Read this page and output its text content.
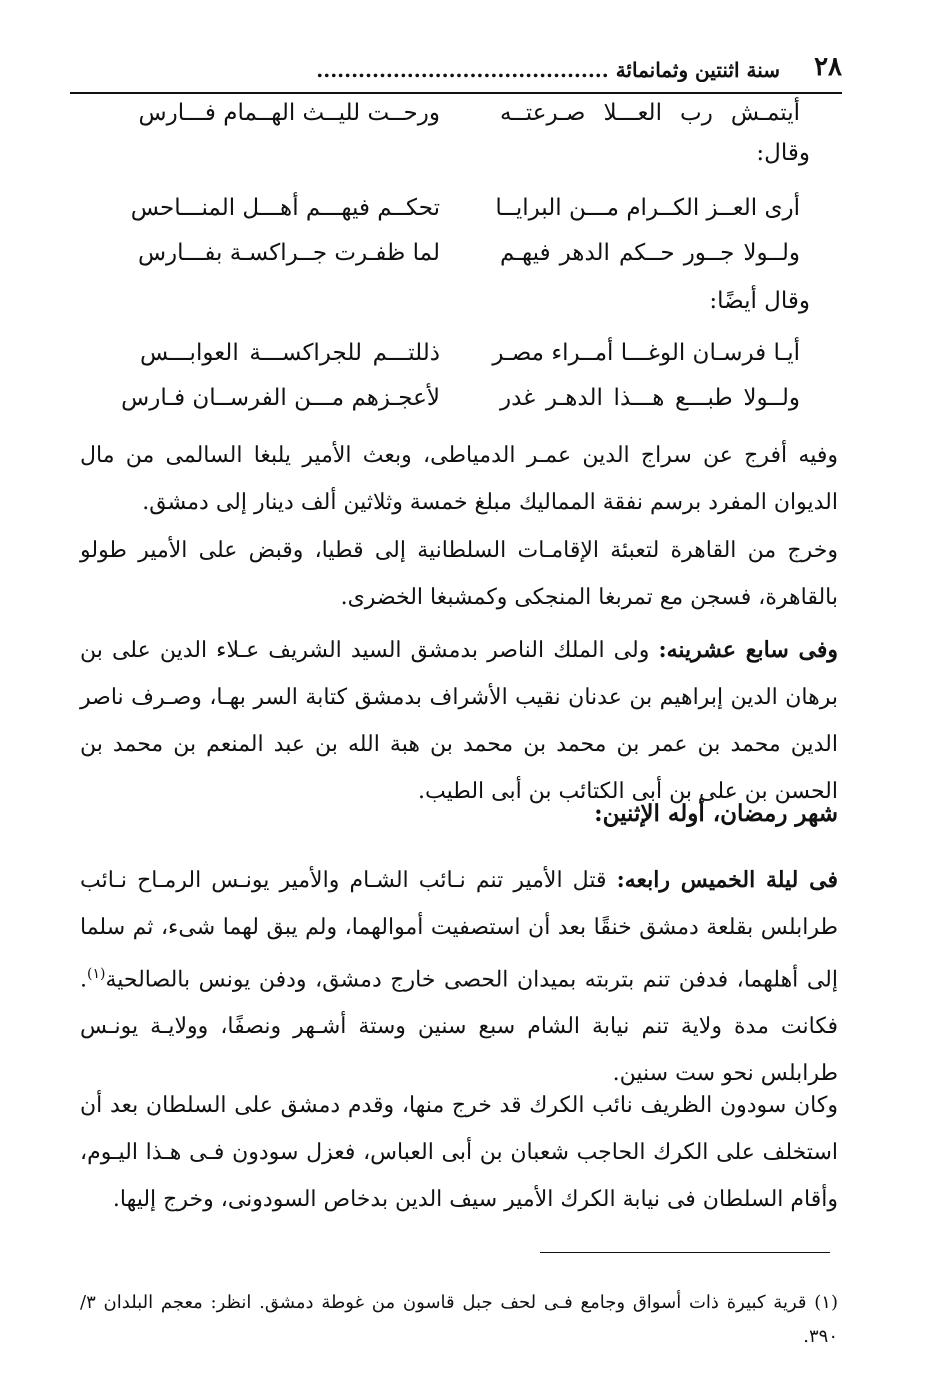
٢٨
سنة اثنتين وثمانمائة ..........................................
أيتمـش رب العـــلا صـرعتــه
ورحــت لليــث الهــمام فـــارس
وقال:
أرى العــز الكــرام مـــن البرايــا
تحكــم فيهـــم أهـــل المنـــاحس
ولــولا جــور حــكم الدهر فيهـم
لما ظفـرت جــراكسـة بفـــارس
وقال أيضًا:
أيـا فرسـان الوغـــا أمــراء مصـر
ذللتـــم للجراكســـة العوابـــس
ولــولا طبـــع هـــذا الدهـر غدر
لأعجـزهم مـــن الفرســان فـارس

وفيه أفرج عن سراج الدين عمـر الدمياطى، وبعث الأمير يلبغا السالمى من مال الديوان المفرد برسم نفقة المماليك مبلغ خمسة وثلاثين ألف دينار إلى دمشق.

وخرج من القاهرة لتعبئة الإقامـات السلطانية إلى قطيا، وقبض على الأمير طولو بالقاهرة، فسجن مع تمربغا المنجكى وكمشبغا الخضرى.

وفى سابع عشرينه: ولى الملك الناصر بدمشق السيد الشريف عـلاء الدين على بن برهان الدين إبراهيم بن عدنان نقيب الأشراف بدمشق كتابة السر بهـا، وصـرف ناصر الدين محمد بن عمر بن محمد بن محمد بن هبة الله بن عبد المنعم بن محمد بن الحسن بن على بن أبى الكتائب بن أبى الطيب.

شهر رمضان، أوله الإثنين:

فى ليلة الخميس رابعه: قتل الأمير تنم نـائب الشـام والأمير يونـس الرمـاح نـائب طرابلس بقلعة دمشق خنقًا بعد أن استصفيت أموالهما، ولم يبق لهما شىء، ثم سلما إلى أهلهما، فدفن تنم بتربته بميدان الحصى خارج دمشق، ودفن يونس بالصالحية$^{(١)}$. فكانت مدة ولاية تنم نيابة الشام سبع سنين وستة أشـهر ونصفًا، وولايـة يونـس طرابلس نحو ست سنين.

وكان سودون الظريف نائب الكرك قد خرج منها، وقدم دمشق على السلطان بعد أن استخلف على الكرك الحاجب شعبان بن أبى العباس، فعزل سودون فـى هـذا اليـوم، وأقام السلطان فى نيابة الكرك الأمير سيف الدين بدخاص السودونى، وخرج إليها.

(١) قرية كبيرة ذات أسواق وجامع فـى لحف جبل قاسون من غوطة دمشق. انظر: معجم البلدان ٣/ ٣٩٠.
